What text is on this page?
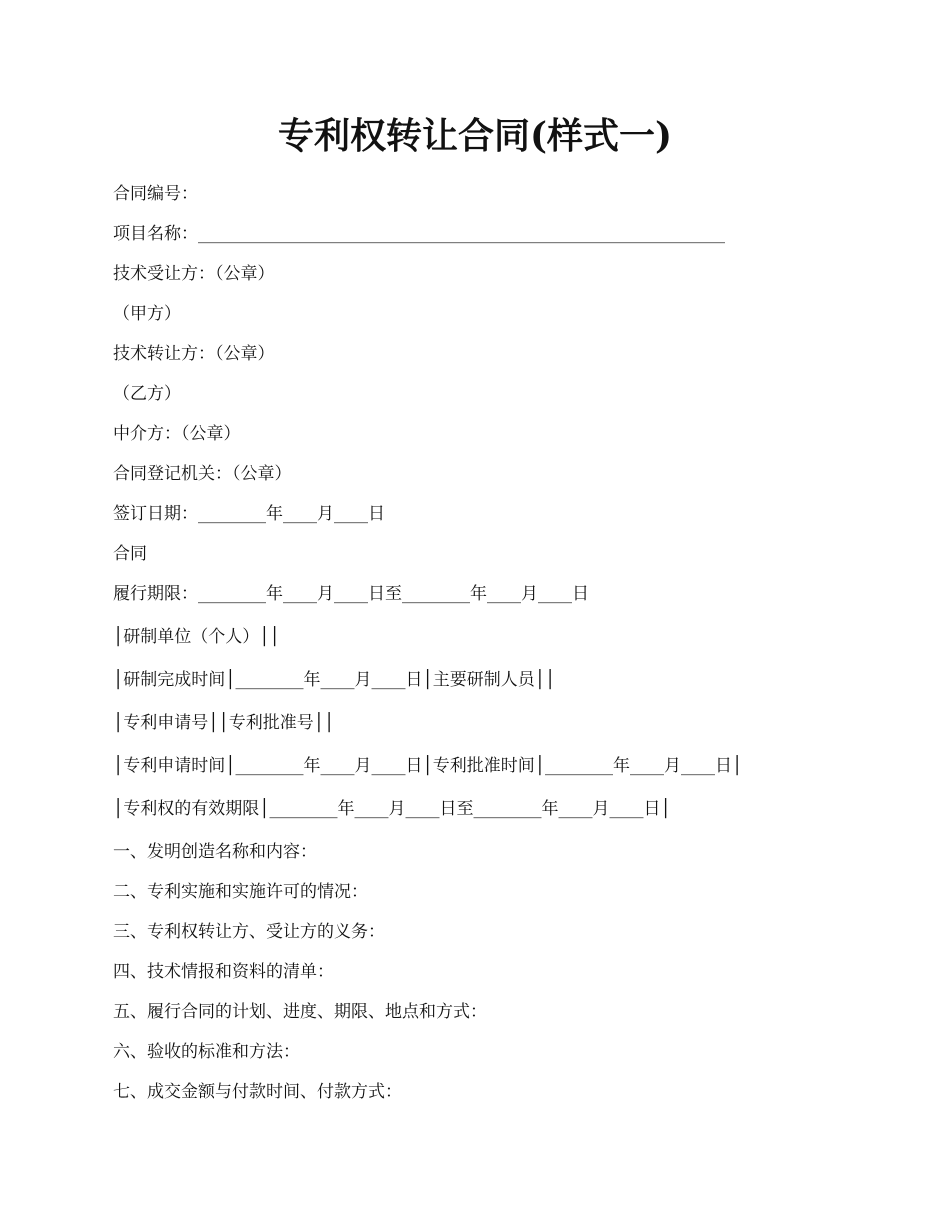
专利权转让合同(样式一)
合同编号：
项目名称：______________________________________________________________
技术受让方：（公章）
（甲方）
技术转让方：（公章）
（乙方）
中介方：（公章）
合同登记机关：（公章）
签订日期：________年____月____日
合同
履行期限：________年____月____日至________年____月____日
│研制单位（个人）││
│研制完成时间│________年____月____日│主要研制人员││
│专利申请号││专利批准号││
│专利申请时间│________年____月____日│专利批准时间│________年____月____日│
│专利权的有效期限│________年____月____日至________年____月____日│
一、发明创造名称和内容：
二、专利实施和实施许可的情况：
三、专利权转让方、受让方的义务：
四、技术情报和资料的清单：
五、履行合同的计划、进度、期限、地点和方式：
六、验收的标准和方法：
七、成交金额与付款时间、付款方式：
